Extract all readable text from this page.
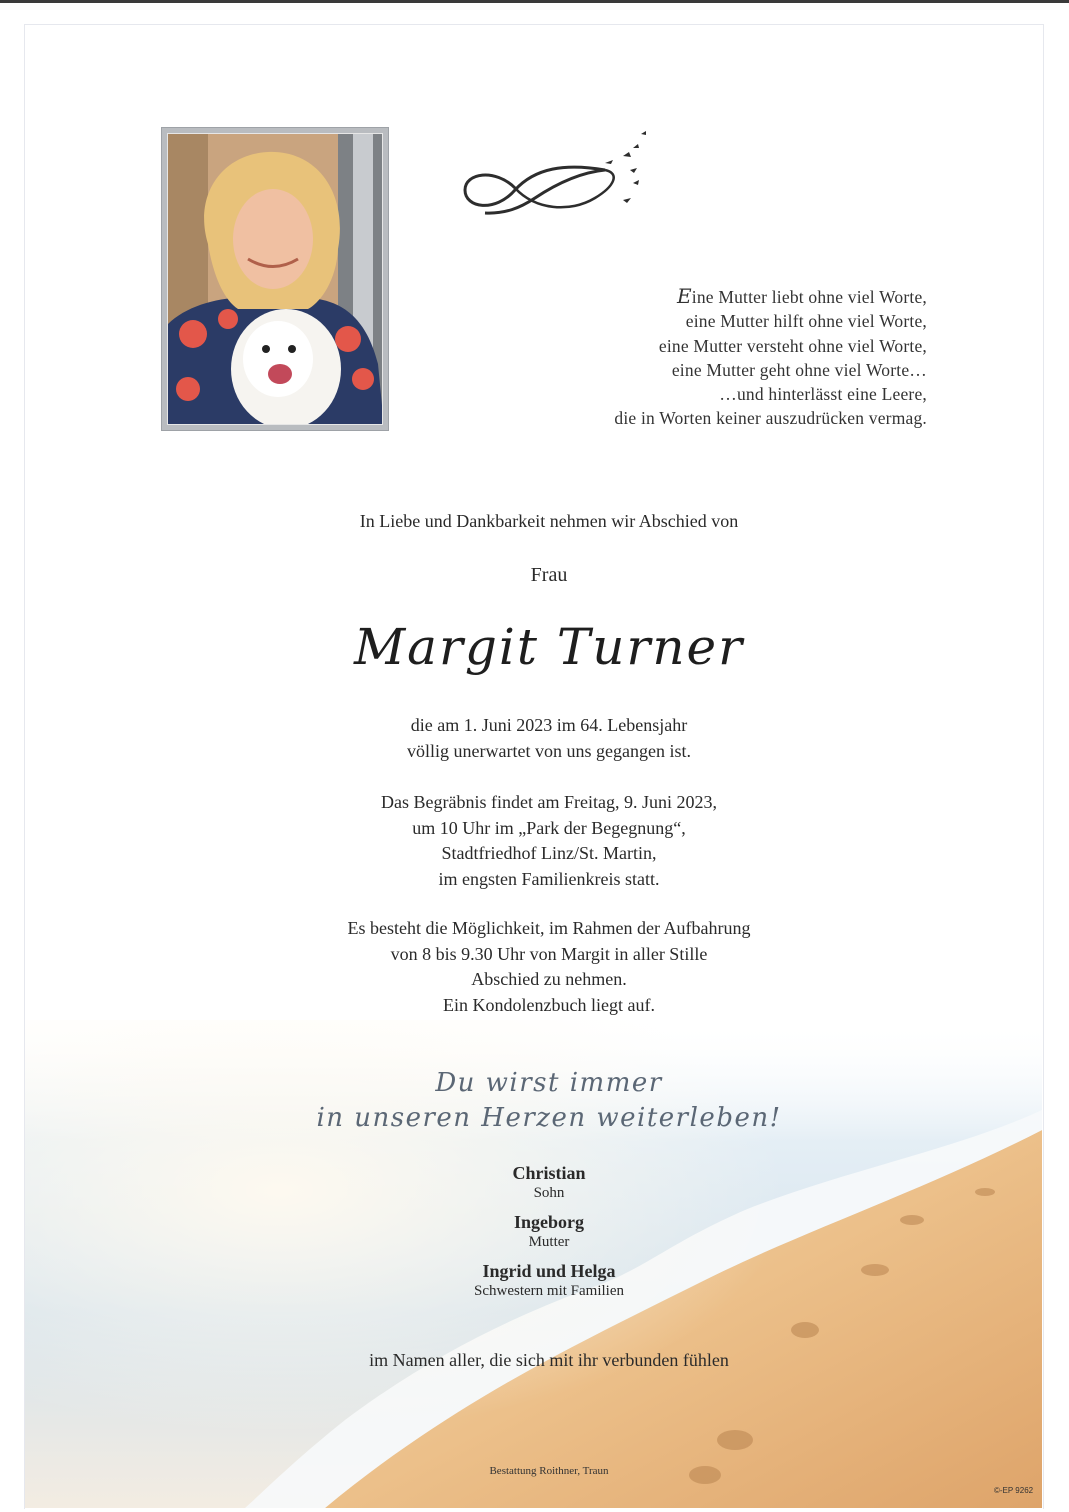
Eine Mutter liebt ohne viel Worte,
eine Mutter hilft ohne viel Worte,
eine Mutter versteht ohne viel Worte,
eine Mutter geht ohne viel Worte…
…und hinterlässt eine Leere,
die in Worten keiner auszudrücken vermag.
In Liebe und Dankbarkeit nehmen wir Abschied von
Frau
Margit Turner
die am 1. Juni 2023 im 64. Lebensjahr
völlig unerwartet von uns gegangen ist.
Das Begräbnis findet am Freitag, 9. Juni 2023,
um 10 Uhr im „Park der Begegnung“,
Stadtfriedhof Linz/St. Martin,
im engsten Familienkreis statt.
Es besteht die Möglichkeit, im Rahmen der Aufbahrung
von 8 bis 9.30 Uhr von Margit in aller Stille
Abschied zu nehmen.
Ein Kondolenzbuch liegt auf.
Du wirst immer
in unseren Herzen weiterleben!
Christian
Sohn
Ingeborg
Mutter
Ingrid und Helga
Schwestern mit Familien
im Namen aller, die sich mit ihr verbunden fühlen
Bestattung Roithner, Traun
©-EP 9262
